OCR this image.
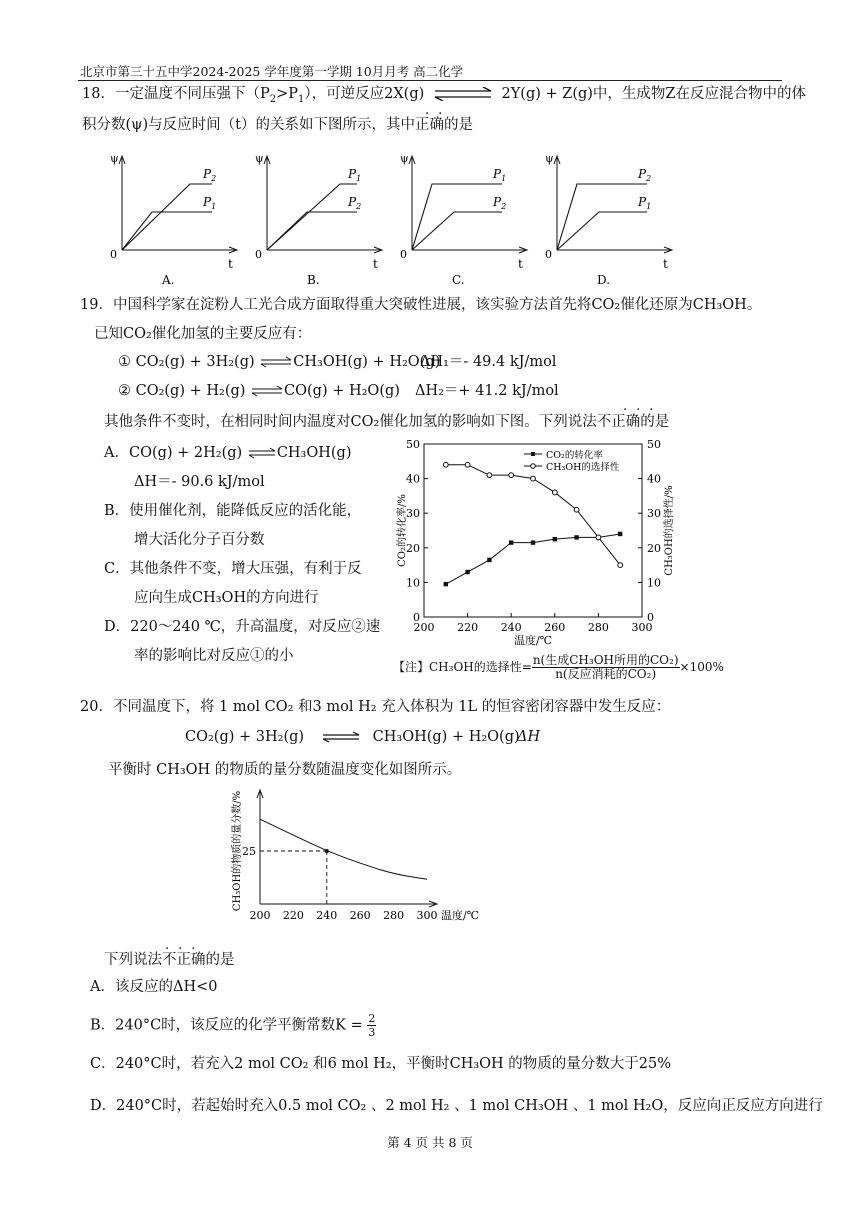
北京市第三十五中学2024-2025 学年度第一学期 10月月考 高二化学
18．一定温度不同压强下$(P_2>P_1)$，可逆反应2X(g)	2Y(g) + Z(g)中，生成物Z在反应混合物中的体
..
积分数(ψ)与反应时间（t）的关系如下图所示，其中正确的是
ψ
t
0
$P_2$
$P_1$
A.
ψ
t
0
$P_1$
$P_2$
B.
ψ
t
0
$P_1$
$P_2$
C.
ψ
t
0
$P_2$
$P_1$
D.
19．中国科学家在淀粉人工光合成方面取得重大突破性进展，该实验方法首先将CO₂催化还原为CH₃OH。
已知CO₂催化加氢的主要反应有：
① CO₂(g) + 3H₂(g) ⇌CH₃OH(g) + H₂O(g)
ΔH₁＝- 49.4 kJ/mol
② CO₂(g) + H₂(g) ⇌CO(g) + H₂O(g) ΔH₂＝+ 41.2 kJ/mol
...
其他条件不变时，在相同时间内温度对CO₂催化加氢的影响如下图。下列说法不正确的是
A．CO(g) + 2H₂(g) ⇌CH₃OH(g)
ΔH＝- 90.6 kJ/mol
B．使用催化剂，能降低反应的活化能，
增大活化分子百分数
C．其他条件不变，增大压强，有利于反
应向生成CH₃OH的方向进行
D．220～240 ℃，升高温度，对反应②速
率的影响比对反应①的小
200 220 240 260 280 300
0	0
10	10
20	20
30	30
40	40
50	50
温度/℃
CO₂的转化率/%	CH₃OH的选择性/%
CO₂的转化率
CH₃OH的选择性
【注】CH₃OH的选择性= $\frac{\text{n(生成CH₃OH所用的CO₂)}}{\text{n(反应消耗的CO₂)}} \times 100\%$
20．不同温度下，将 1 mol CO₂ 和3 mol H₂ 充入体积为 1L 的恒容密闭容器中发生反应：
CO₂(g) + 3H₂(g) ⇌ CH₃OH(g) + H₂O(g)
ΔH
平衡时 CH₃OH 的物质的量分数随温度变化如图所示。
200 220 240 260 280 300 温度/℃
CH₃OH的物质的量分数/% 25
...
下列说法不正确的是
A．该反应的ΔH<0
B．240°C时，该反应的化学平衡常数$K = \frac{2}{3}$
C．240°C时，若充入2 mol CO₂ 和6 mol H₂，平衡时CH₃OH 的物质的量分数大于25%
D．240°C时，若起始时充入0.5 mol CO₂ 、2 mol H₂ 、1 mol CH₃OH 、1 mol H₂O，反应向正反应方向进行
第 4 页 共 8 页
